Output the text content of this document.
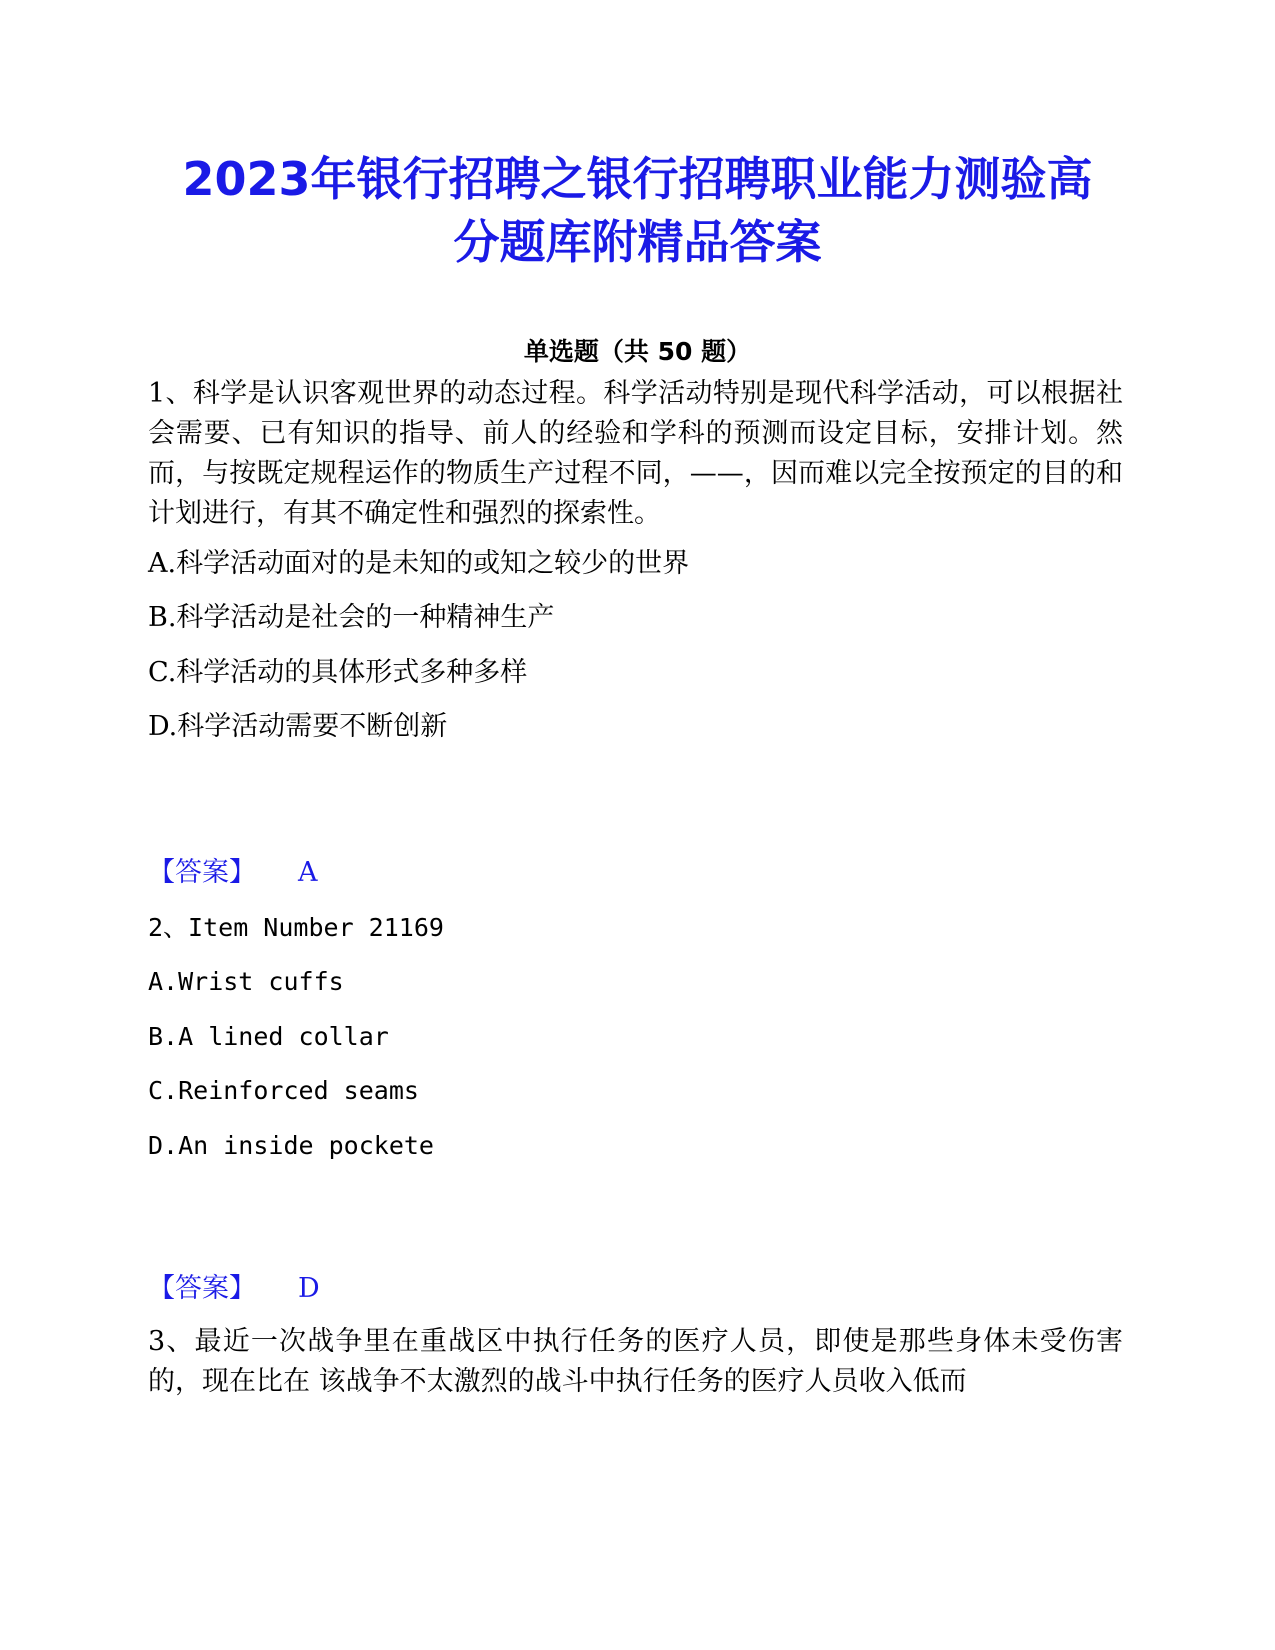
2023年银行招聘之银行招聘职业能力测验高
分题库附精品答案

单选题（共 50 题）

1、科学是认识客观世界的动态过程。科学活动特别是现代科学活动，可以根据社会需要、已有知识的指导、前人的经验和学科的预测而设定目标，安排计划。然而，与按既定规程运作的物质生产过程不同，——，因而难以完全按预定的目的和计划进行，有其不确定性和强烈的探索性。

A.科学活动面对的是未知的或知之较少的世界

B.科学活动是社会的一种精神生产

C.科学活动的具体形式多种多样

D.科学活动需要不断创新

【答案】 A

2、Item Number 21169

A.Wrist cuffs

B.A lined collar

C.Reinforced seams

D.An inside pockete

【答案】 D

3、最近一次战争里在重战区中执行任务的医疗人员，即使是那些身体未受伤害的，现在比在 该战争不太激烈的战斗中执行任务的医疗人员收入低而
